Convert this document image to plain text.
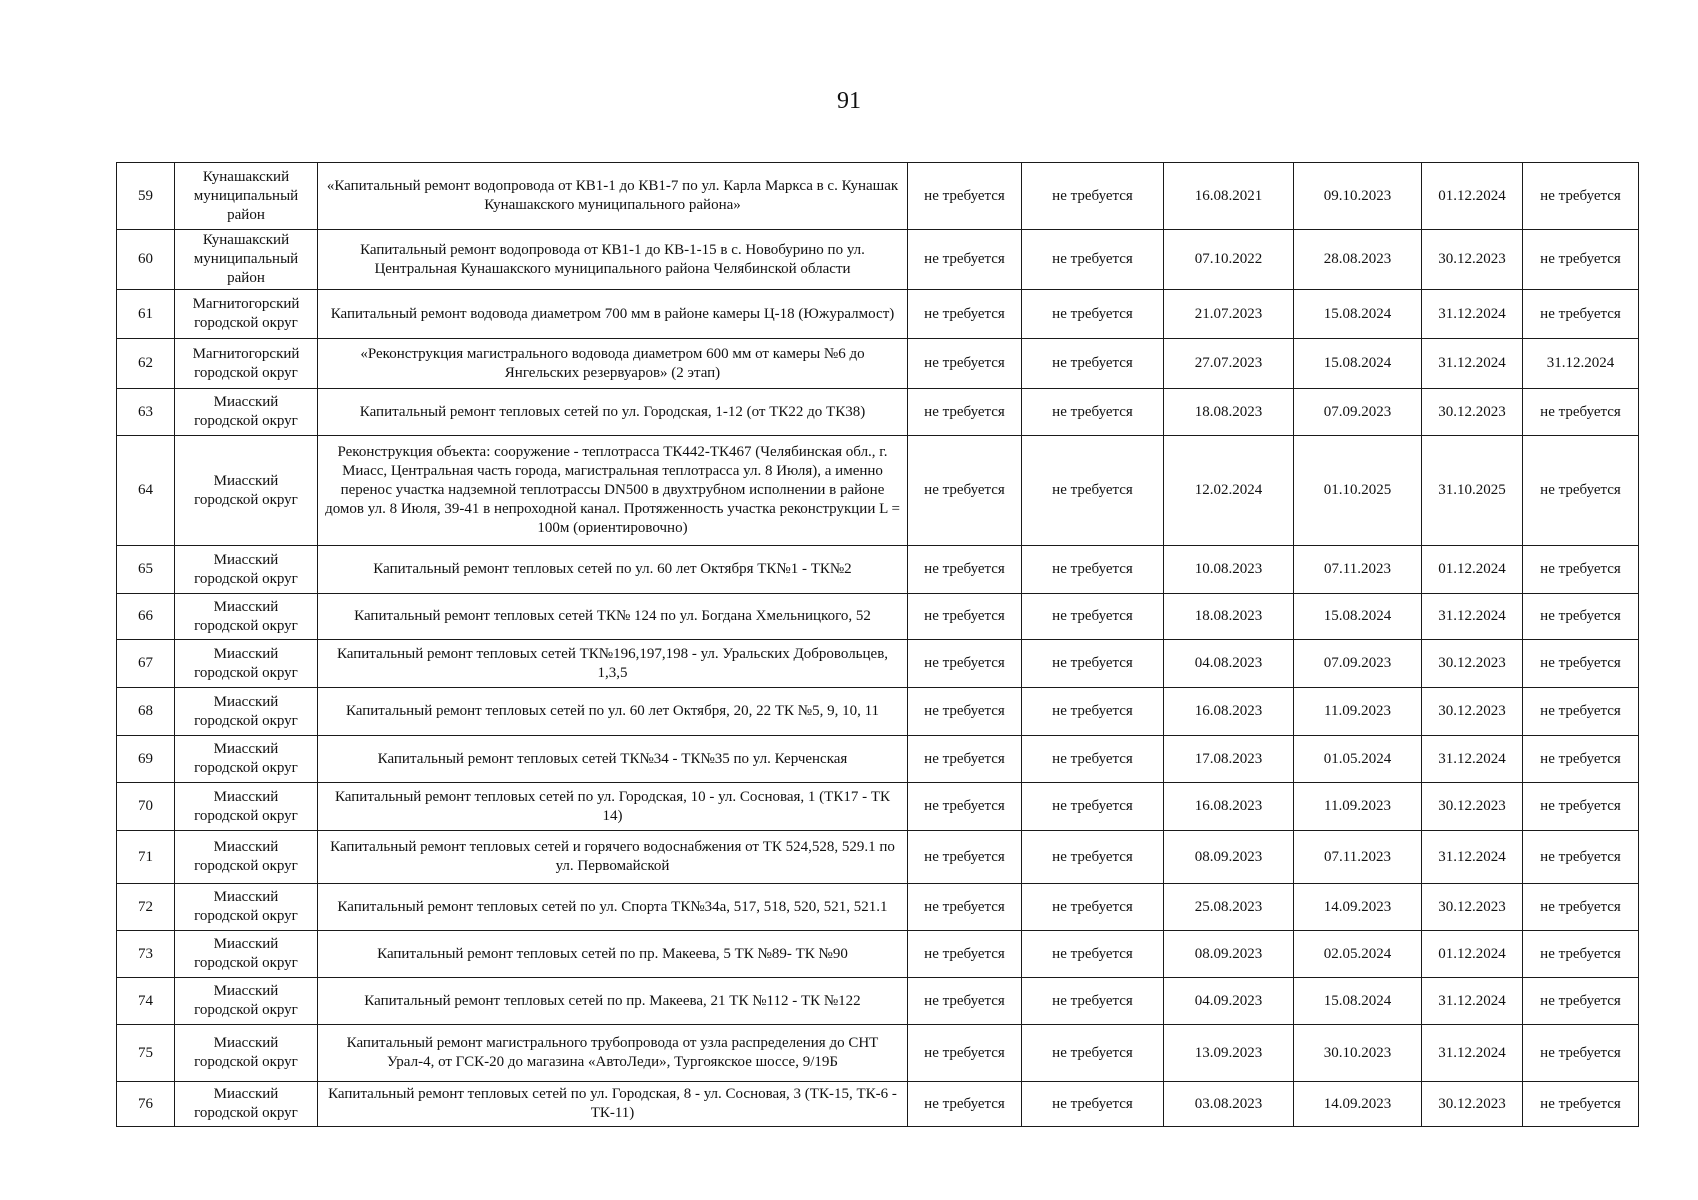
91
59	Кунашакский муниципальный район	«Капитальный ремонт водопровода от КВ1-1 до КВ1-7 по ул. Карла Маркса в с. Кунашак Кунашакского муниципального района»	не требуется	не требуется	16.08.2021	09.10.2023	01.12.2024	не требуется
60	Кунашакский муниципальный район	Капитальный ремонт водопровода от КВ1-1 до КВ-1-15 в с. Новобурино по ул. Центральная Кунашакского муниципального района Челябинской области	не требуется	не требуется	07.10.2022	28.08.2023	30.12.2023	не требуется
61	Магнитогорский городской округ	Капитальный ремонт водовода диаметром 700 мм в районе камеры Ц-18 (Южуралмост)	не требуется	не требуется	21.07.2023	15.08.2024	31.12.2024	не требуется
62	Магнитогорский городской округ	«Реконструкция магистрального водовода диаметром 600 мм от камеры №6 до Янгельских резервуаров» (2 этап)	не требуется	не требуется	27.07.2023	15.08.2024	31.12.2024	31.12.2024
63	Миасский городской округ	Капитальный ремонт тепловых сетей по ул. Городская, 1-12 (от ТК22 до ТК38)	не требуется	не требуется	18.08.2023	07.09.2023	30.12.2023	не требуется
64	Миасский городской округ	Реконструкция объекта: сооружение - теплотрасса ТК442-ТК467 (Челябинская обл., г. Миасс, Центральная часть города, магистральная теплотрасса ул. 8 Июля), а именно перенос участка надземной теплотрассы DN500 в двухтрубном исполнении в районе домов ул. 8 Июля, 39-41 в непроходной канал. Протяженность участка реконструкции L = 100м (ориентировочно)	не требуется	не требуется	12.02.2024	01.10.2025	31.10.2025	не требуется
65	Миасский городской округ	Капитальный ремонт тепловых сетей по ул. 60 лет Октября ТК№1 - ТК№2	не требуется	не требуется	10.08.2023	07.11.2023	01.12.2024	не требуется
66	Миасский городской округ	Капитальный ремонт тепловых сетей ТК№ 124 по ул. Богдана Хмельницкого, 52	не требуется	не требуется	18.08.2023	15.08.2024	31.12.2024	не требуется
67	Миасский городской округ	Капитальный ремонт тепловых сетей ТК№196,197,198 - ул. Уральских Добровольцев, 1,3,5	не требуется	не требуется	04.08.2023	07.09.2023	30.12.2023	не требуется
68	Миасский городской округ	Капитальный ремонт тепловых сетей по ул. 60 лет Октября, 20, 22 ТК №5, 9, 10, 11	не требуется	не требуется	16.08.2023	11.09.2023	30.12.2023	не требуется
69	Миасский городской округ	Капитальный ремонт тепловых сетей ТК№34 - ТК№35 по ул. Керченская	не требуется	не требуется	17.08.2023	01.05.2024	31.12.2024	не требуется
70	Миасский городской округ	Капитальный ремонт тепловых сетей по ул. Городская, 10 - ул. Сосновая, 1 (ТК17 - ТК 14)	не требуется	не требуется	16.08.2023	11.09.2023	30.12.2023	не требуется
71	Миасский городской округ	Капитальный ремонт тепловых сетей и горячего водоснабжения от ТК 524,528, 529.1 по ул. Первомайской	не требуется	не требуется	08.09.2023	07.11.2023	31.12.2024	не требуется
72	Миасский городской округ	Капитальный ремонт тепловых сетей по ул. Спорта ТК№34а, 517, 518, 520, 521, 521.1	не требуется	не требуется	25.08.2023	14.09.2023	30.12.2023	не требуется
73	Миасский городской округ	Капитальный ремонт тепловых сетей по пр. Макеева, 5 ТК №89- ТК №90	не требуется	не требуется	08.09.2023	02.05.2024	01.12.2024	не требуется
74	Миасский городской округ	Капитальный ремонт тепловых сетей по пр. Макеева, 21 ТК №112 - ТК №122	не требуется	не требуется	04.09.2023	15.08.2024	31.12.2024	не требуется
75	Миасский городской округ	Капитальный ремонт магистрального трубопровода от узла распределения до СНТ Урал-4, от ГСК-20 до магазина «АвтоЛеди», Тургоякское шоссе, 9/19Б	не требуется	не требуется	13.09.2023	30.10.2023	31.12.2024	не требуется
76	Миасский городской округ	Капитальный ремонт тепловых сетей по ул. Городская, 8 - ул. Сосновая, 3 (ТК-15, ТК-6 - ТК-11)	не требуется	не требуется	03.08.2023	14.09.2023	30.12.2023	не требуется
